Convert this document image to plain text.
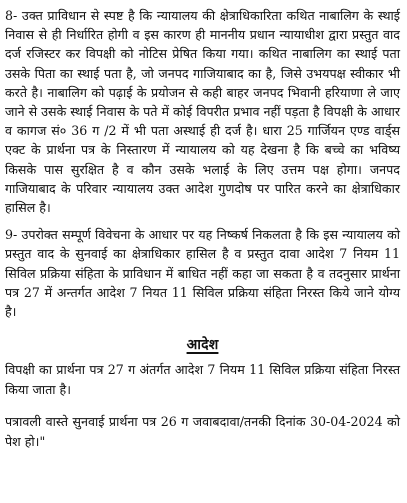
8- उक्त प्राविधान से स्पष्ट है कि न्यायालय की क्षेत्राधिकारिता कथित नाबालिग के स्थाई निवास से ही निर्धारित होगी व इस कारण ही माननीय प्रधान न्यायाधीश द्वारा प्रस्तुत वाद दर्ज रजिस्टर कर विपक्षी को नोटिस प्रेषित किया गया। कथित नाबालिग का स्थाई पता उसके पिता का स्थाई पता है, जो जनपद गाजियाबाद का है, जिसे उभयपक्ष स्वीकार भी करते है। नाबालिग को पढ़ाई के प्रयोजन से कही बाहर जनपद भिवानी हरियाणा ले जाए जाने से उसके स्थाई निवास के पते में कोई विपरीत प्रभाव नहीं पड़ता है विपक्षी के आधार व कागज सं० 36 ग /2 में भी पता अस्थाई ही दर्ज है। धारा 25 गार्जियन एण्ड वार्ड्स एक्ट के प्रार्थना पत्र के निस्तारण में न्यायालय को यह देखना है कि बच्चे का भविष्य किसके पास सुरक्षित है व कौन उसके भलाई के लिए उत्तम पक्ष होगा। जनपद गाजियाबाद के परिवार न्यायालय उक्त आदेश गुणदोष पर पारित करने का क्षेत्राधिकार हासिल है।

9- उपरोक्त सम्पूर्ण विवेचना के आधार पर यह निष्कर्ष निकलता है कि इस न्यायालय को प्रस्तुत वाद के सुनवाई का क्षेत्राधिकार हासिल है व प्रस्तुत दावा आदेश 7 नियम 11 सिविल प्रक्रिया संहिता के प्राविधान में बाधित नहीं कहा जा सकता है व तदनुसार प्रार्थना पत्र 27 में अन्तर्गत आदेश 7 नियत 11 सिविल प्रक्रिया संहिता निरस्त किये जाने योग्य है।

आदेश

विपक्षी का प्रार्थना पत्र 27 ग अंतर्गत आदेश 7 नियम 11 सिविल प्रक्रिया संहिता निरस्त किया जाता है।

पत्रावली वास्ते सुनवाई प्रार्थना पत्र 26 ग जवाबदावा/तनकी दिनांक 30-04-2024 को पेश हो।"
